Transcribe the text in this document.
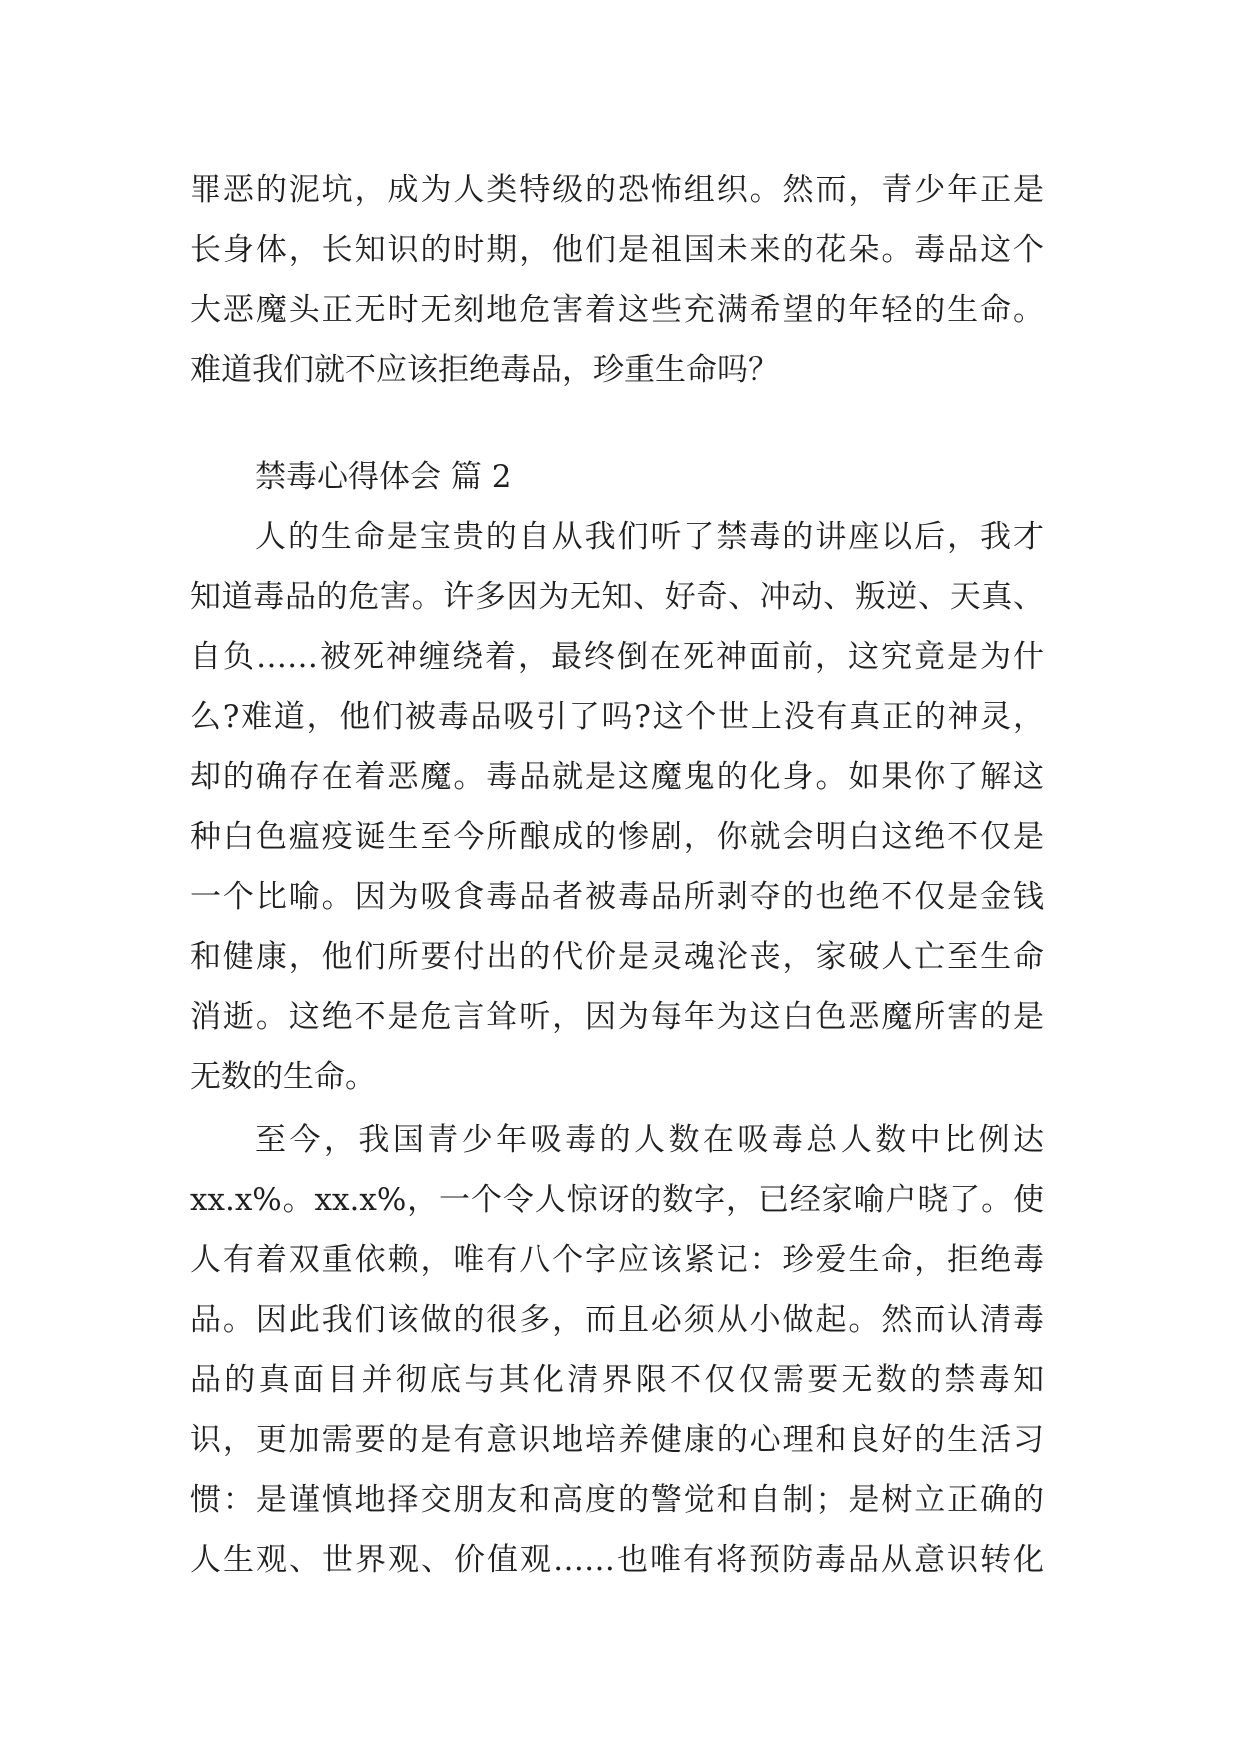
罪恶的泥坑，成为人类特级的恐怖组织。然而，青少年正是
长身体，长知识的时期，他们是祖国未来的花朵。毒品这个
大恶魔头正无时无刻地危害着这些充满希望的年轻的生命。
难道我们就不应该拒绝毒品，珍重生命吗？
禁毒心得体会 篇 2
人的生命是宝贵的自从我们听了禁毒的讲座以后，我才
知道毒品的危害。许多因为无知、好奇、冲动、叛逆、天真、
自负……被死神缠绕着，最终倒在死神面前，这究竟是为什
么?难道，他们被毒品吸引了吗?这个世上没有真正的神灵，
却的确存在着恶魔。毒品就是这魔鬼的化身。如果你了解这
种白色瘟疫诞生至今所酿成的惨剧，你就会明白这绝不仅是
一个比喻。因为吸食毒品者被毒品所剥夺的也绝不仅是金钱
和健康，他们所要付出的代价是灵魂沦丧，家破人亡至生命
消逝。这绝不是危言耸听，因为每年为这白色恶魔所害的是
无数的生命。
至今，我国青少年吸毒的人数在吸毒总人数中比例达
xx.x%。xx.x%，一个令人惊讶的数字，已经家喻户晓了。使
人有着双重依赖，唯有八个字应该紧记：珍爱生命，拒绝毒
品。因此我们该做的很多，而且必须从小做起。然而认清毒
品的真面目并彻底与其化清界限不仅仅需要无数的禁毒知
识，更加需要的是有意识地培养健康的心理和良好的生活习
惯：是谨慎地择交朋友和高度的警觉和自制；是树立正确的
人生观、世界观、价值观……也唯有将预防毒品从意识转化
